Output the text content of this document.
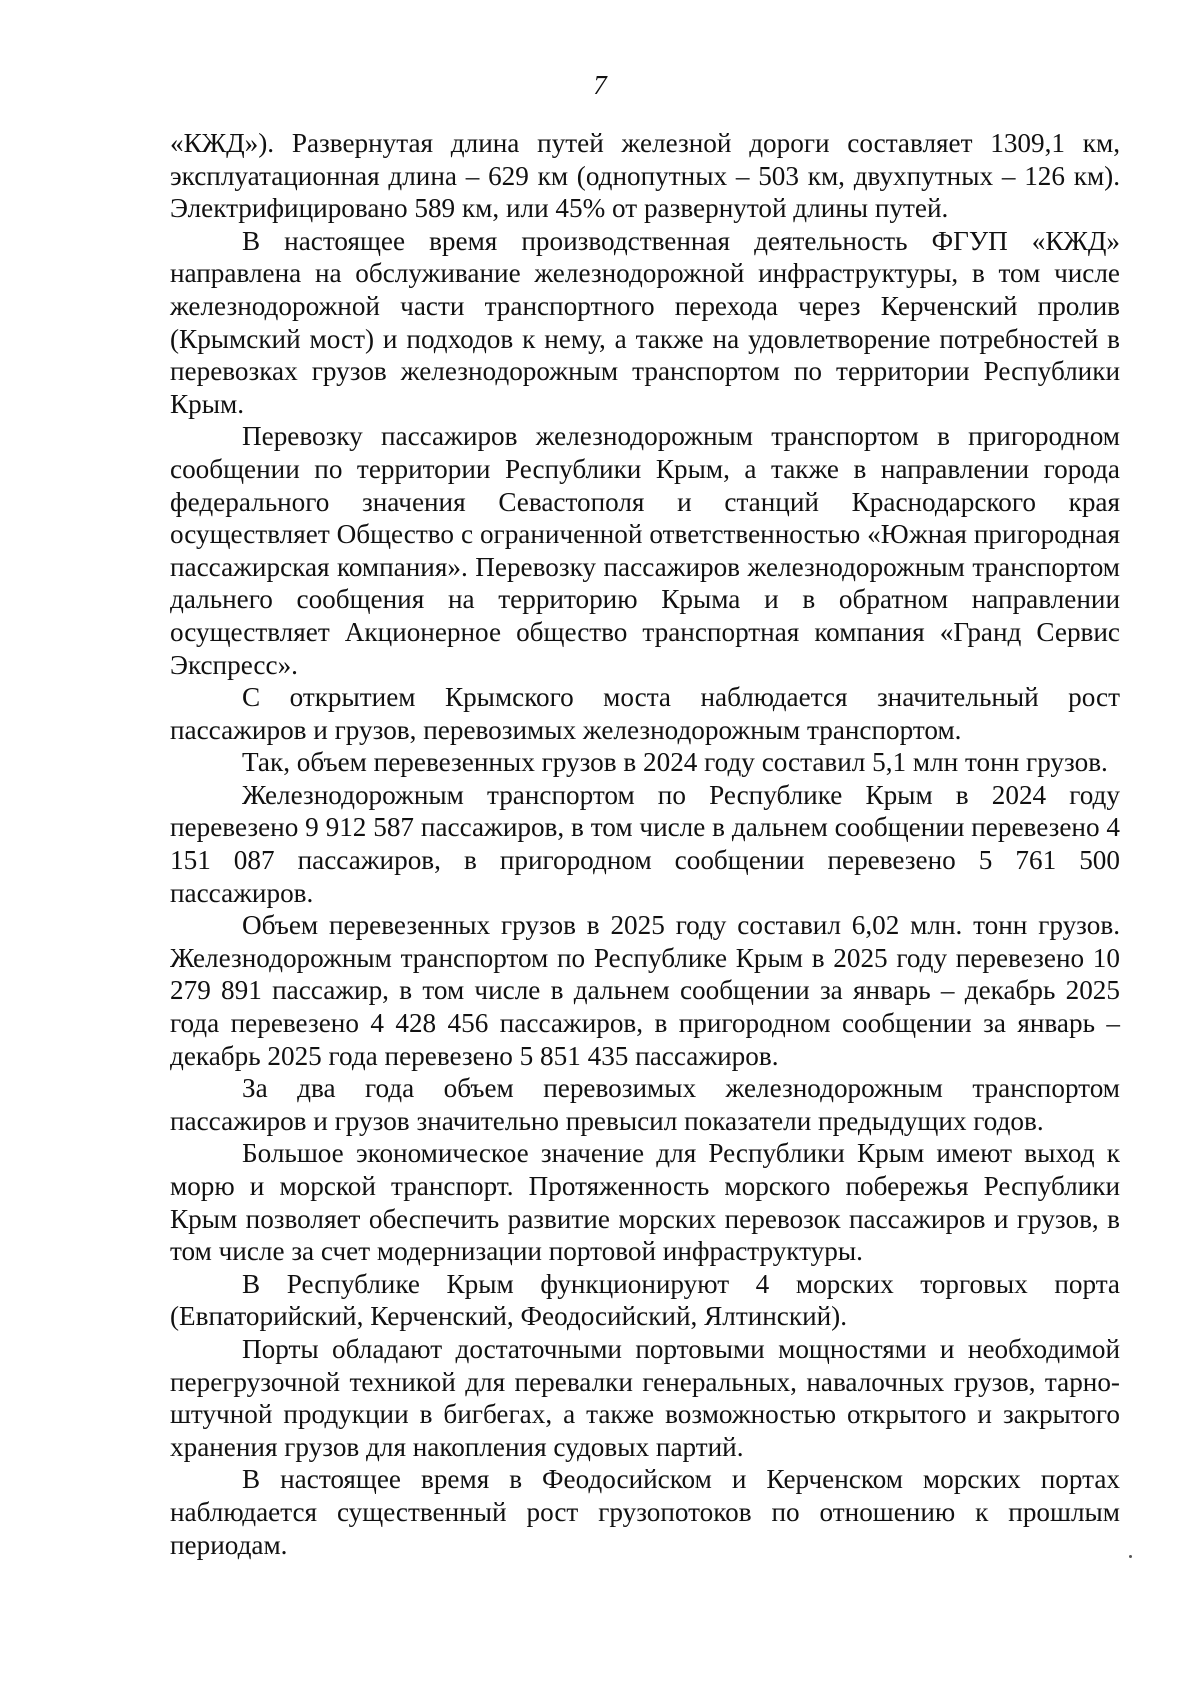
7

«КЖД»). Развернутая длина путей железной дороги составляет 1309,1 км, эксплуатационная длина – 629 км (однопутных – 503 км, двухпутных – 126 км). Электрифицировано 589 км, или 45% от развернутой длины путей.

В настоящее время производственная деятельность ФГУП «КЖД» направлена на обслуживание железнодорожной инфраструктуры, в том числе железнодорожной части транспортного перехода через Керченский пролив (Крымский мост) и подходов к нему, а также на удовлетворение потребностей в перевозках грузов железнодорожным транспортом по территории Республики Крым.

Перевозку пассажиров железнодорожным транспортом в пригородном сообщении по территории Республики Крым, а также в направлении города федерального значения Севастополя и станций Краснодарского края осуществляет Общество с ограниченной ответственностью «Южная пригородная пассажирская компания». Перевозку пассажиров железнодорожным транспортом дальнего сообщения на территорию Крыма и в обратном направлении осуществляет Акционерное общество транспортная компания «Гранд Сервис Экспресс».

С открытием Крымского моста наблюдается значительный рост пассажиров и грузов, перевозимых железнодорожным транспортом.

Так, объем перевезенных грузов в 2024 году составил 5,1 млн тонн грузов.

Железнодорожным транспортом по Республике Крым в 2024 году перевезено 9 912 587 пассажиров, в том числе в дальнем сообщении перевезено 4 151 087 пассажиров, в пригородном сообщении перевезено 5 761 500 пассажиров.

Объем перевезенных грузов в 2025 году составил 6,02 млн. тонн грузов. Железнодорожным транспортом по Республике Крым в 2025 году перевезено 10 279 891 пассажир, в том числе в дальнем сообщении за январь – декабрь 2025 года перевезено 4 428 456 пассажиров, в пригородном сообщении за январь – декабрь 2025 года перевезено 5 851 435 пассажиров.

За два года объем перевозимых железнодорожным транспортом пассажиров и грузов значительно превысил показатели предыдущих годов.

Большое экономическое значение для Республики Крым имеют выход к морю и морской транспорт. Протяженность морского побережья Республики Крым позволяет обеспечить развитие морских перевозок пассажиров и грузов, в том числе за счет модернизации портовой инфраструктуры.

В Республике Крым функционируют 4 морских торговых порта (Евпаторийский, Керченский, Феодосийский, Ялтинский).

Порты обладают достаточными портовыми мощностями и необходимой перегрузочной техникой для перевалки генеральных, навалочных грузов, тарно-штучной продукции в бигбегах, а также возможностью открытого и закрытого хранения грузов для накопления судовых партий.

В настоящее время в Феодосийском и Керченском морских портах наблюдается существенный рост грузопотоков по отношению к прошлым периодам.
